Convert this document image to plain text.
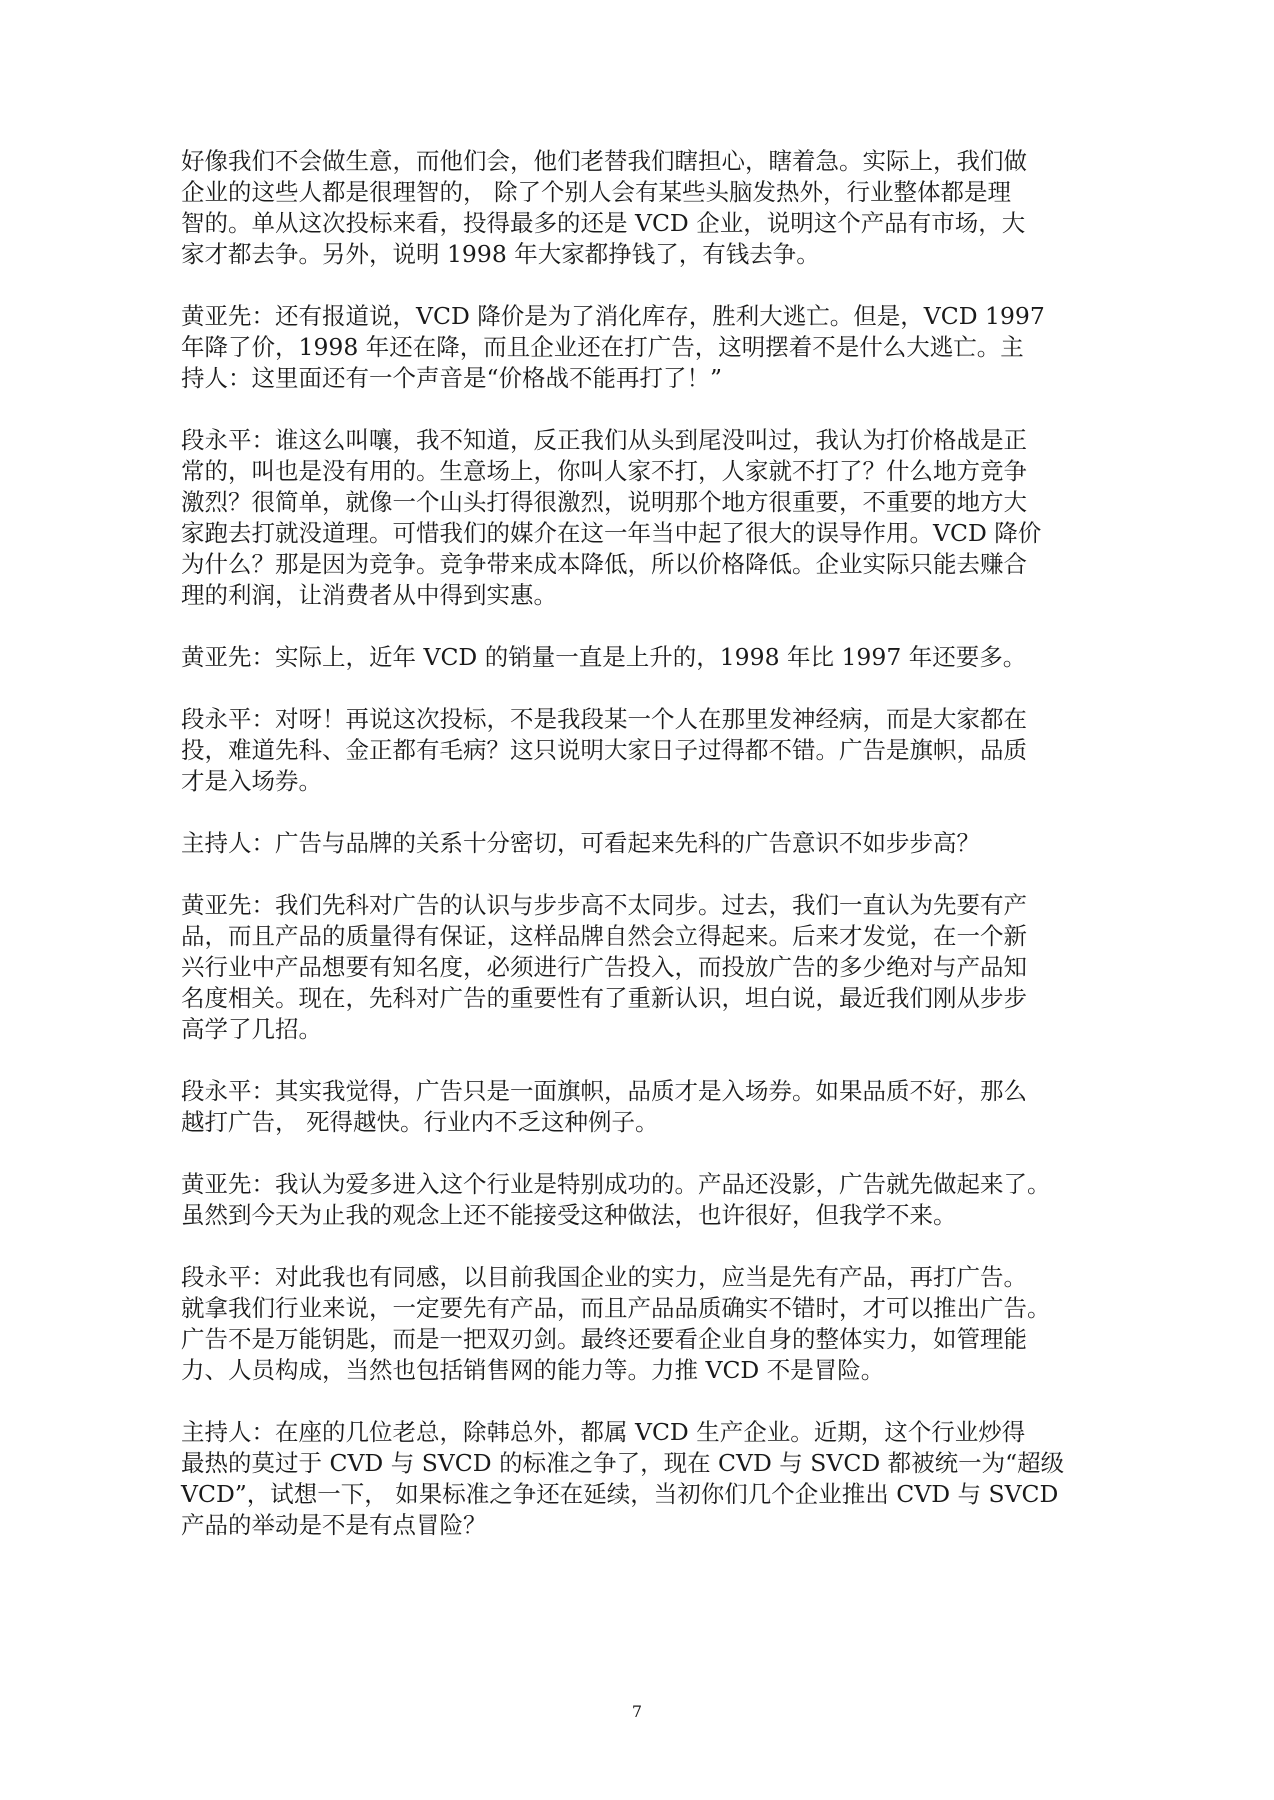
好像我们不会做生意，而他们会，他们老替我们瞎担心，瞎着急。实际上，我们做
企业的这些人都是很理智的， 除了个别人会有某些头脑发热外，行业整体都是理
智的。单从这次投标来看，投得最多的还是 VCD 企业，说明这个产品有市场，大
家才都去争。另外，说明 1998 年大家都挣钱了，有钱去争。
黄亚先：还有报道说，VCD 降价是为了消化库存，胜利大逃亡。但是，VCD 1997
年降了价，1998 年还在降，而且企业还在打广告，这明摆着不是什么大逃亡。主
持人：这里面还有一个声音是“价格战不能再打了！”
段永平：谁这么叫嚷，我不知道，反正我们从头到尾没叫过，我认为打价格战是正
常的，叫也是没有用的。生意场上，你叫人家不打，人家就不打了？什么地方竞争
激烈？很简单，就像一个山头打得很激烈，说明那个地方很重要，不重要的地方大
家跑去打就没道理。可惜我们的媒介在这一年当中起了很大的误导作用。VCD 降价
为什么？那是因为竞争。竞争带来成本降低，所以价格降低。企业实际只能去赚合
理的利润，让消费者从中得到实惠。
黄亚先：实际上，近年 VCD 的销量一直是上升的，1998 年比 1997 年还要多。
段永平：对呀！再说这次投标，不是我段某一个人在那里发神经病，而是大家都在
投，难道先科、金正都有毛病？这只说明大家日子过得都不错。广告是旗帜，品质
才是入场券。
主持人：广告与品牌的关系十分密切，可看起来先科的广告意识不如步步高？
黄亚先：我们先科对广告的认识与步步高不太同步。过去，我们一直认为先要有产
品，而且产品的质量得有保证，这样品牌自然会立得起来。后来才发觉，在一个新
兴行业中产品想要有知名度，必须进行广告投入，而投放广告的多少绝对与产品知
名度相关。现在，先科对广告的重要性有了重新认识，坦白说，最近我们刚从步步
高学了几招。
段永平：其实我觉得，广告只是一面旗帜，品质才是入场券。如果品质不好，那么
越打广告， 死得越快。行业内不乏这种例子。
黄亚先：我认为爱多进入这个行业是特别成功的。产品还没影，广告就先做起来了。
虽然到今天为止我的观念上还不能接受这种做法，也许很好，但我学不来。
段永平：对此我也有同感，以目前我国企业的实力，应当是先有产品，再打广告。
就拿我们行业来说，一定要先有产品，而且产品品质确实不错时，才可以推出广告。
广告不是万能钥匙，而是一把双刃剑。最终还要看企业自身的整体实力，如管理能
力、人员构成，当然也包括销售网的能力等。力推 VCD 不是冒险。
主持人：在座的几位老总，除韩总外，都属 VCD 生产企业。近期，这个行业炒得
最热的莫过于 CVD 与 SVCD 的标准之争了，现在 CVD 与 SVCD 都被统一为“超级
VCD”，试想一下， 如果标准之争还在延续，当初你们几个企业推出 CVD 与 SVCD
产品的举动是不是有点冒险？
7
